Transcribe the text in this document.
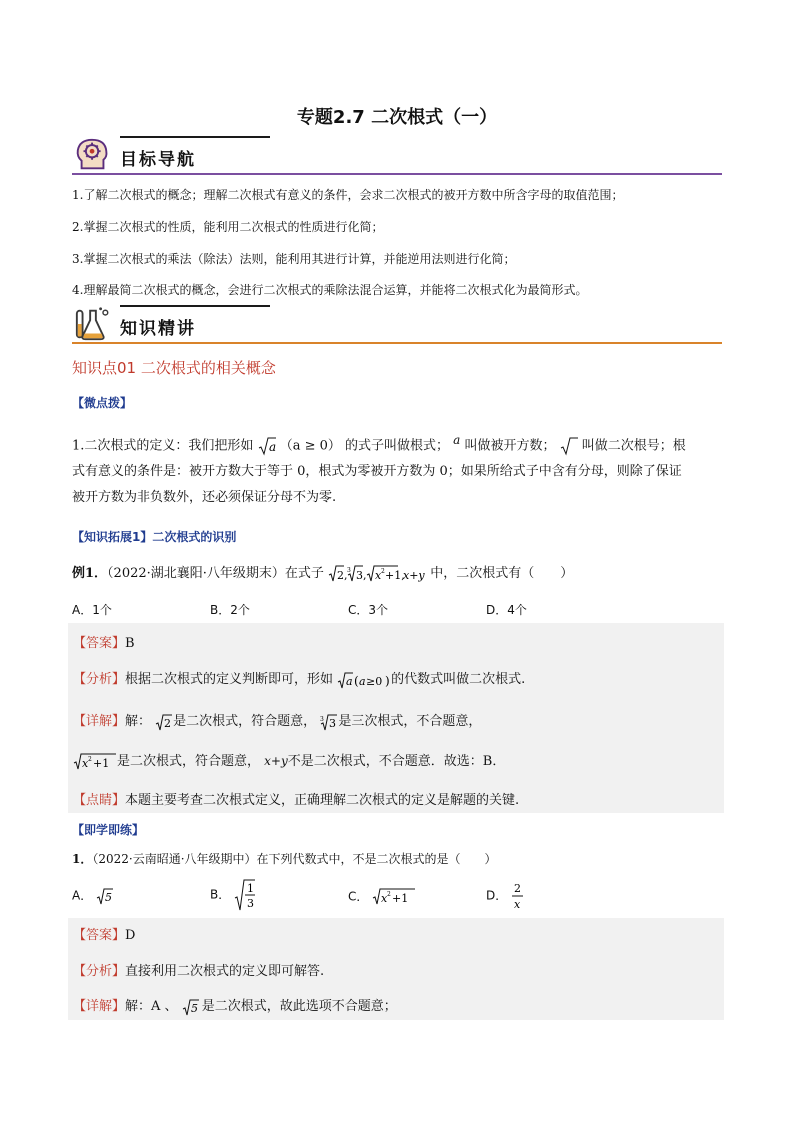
专题2.7 二次根式（一）
目标导航
1.了解二次根式的概念；理解二次根式有意义的条件，会求二次根式的被开方数中所含字母的取值范围；
2.掌握二次根式的性质，能利用二次根式的性质进行化简；
3.掌握二次根式的乘法（除法）法则，能利用其进行计算，并能逆用法则进行化简；
4.理解最简二次根式的概念，会进行二次根式的乘除法混合运算，并能将二次根式化为最简形式。
知识精讲
知识点01 二次根式的相关概念
【微点拨】
1.二次根式的定义：我们把形如 a （a ≥ 0） 的式子叫做根式； a 叫做被开方数； 叫做二次根号；根
式有意义的条件是：被开方数大于等于 0，根式为零被开方数为 0；如果所给式子中含有分母，则除了保证
被开方数为非负数外，还必须保证分母不为零.
【知识拓展1】二次根式的识别
例1．（2022·湖北襄阳·八年级期末）在式子 2, 3 3, x 2 +1,
x+y 中，二次根式有（　　）
A．1个	B．2个	C．3个	D．4个
【答案】B
【分析】根据二次根式的定义判断即可，形如 a ( a ≥0 ) 的代数式叫做二次根式.
【详解】解： 2 是二次根式，符合题意， 3 3 是三次根式，不合题意，
x 2 +1 是二次根式，符合题意， x+y不是二次根式，不合题意．故选：B．
【点睛】本题主要考查二次根式定义，正确理解二次根式的定义是解题的关键.
【即学即练】
1．（2022·云南昭通·八年级期中）在下列代数式中，不是二次根式的是（　　）
A． 5	B． 1
3	C． x 2 +1	D． 2
x
【答案】D
【分析】直接利用二次根式的定义即可解答.
【详解】解：A 、 5 是二次根式，故此选项不合题意；
